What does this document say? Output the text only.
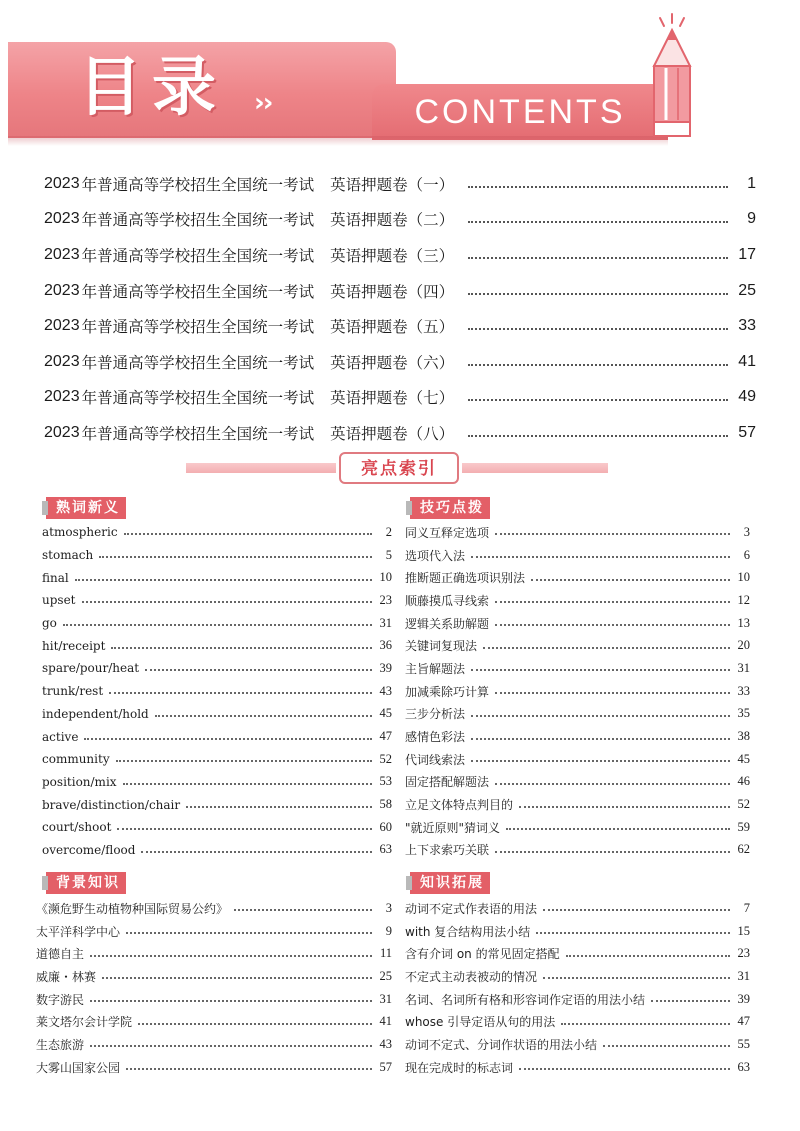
目录 ››	CONTENTS
2023 年普通高等学校招生全国统一考试 英语押题卷（一）	1
2023 年普通高等学校招生全国统一考试 英语押题卷（二）	9
2023 年普通高等学校招生全国统一考试 英语押题卷（三）	17
2023 年普通高等学校招生全国统一考试 英语押题卷（四）	25
2023 年普通高等学校招生全国统一考试 英语押题卷（五）	33
2023 年普通高等学校招生全国统一考试 英语押题卷（六）	41
2023 年普通高等学校招生全国统一考试 英语押题卷（七）	49
2023 年普通高等学校招生全国统一考试 英语押题卷（八）	57
亮点索引
熟词新义	技巧点拨
背景知识	知识拓展
atmospheric	2
stomach	5
final	10
upset	23
go	31
hit/receipt	36
spare/pour/heat	39
trunk/rest	43
independent/hold	45
active	47
community	52
position/mix	53
brave/distinction/chair	58
court/shoot	60
overcome/flood	63
同义互释定选项	3
选项代入法	6
推断题正确选项识别法	10
顺藤摸瓜寻线索	12
逻辑关系助解题	13
关键词复现法	20
主旨解题法	31
加减乘除巧计算	33
三步分析法	35
感情色彩法	38
代词线索法	45
固定搭配解题法	46
立足文体特点判目的	52
"就近原则"猜词义	59
上下求索巧关联	62
《濒危野生动植物种国际贸易公约》	3
太平洋科学中心	9
道德自主	11
威廉・林赛	25
数字游民	31
莱文塔尔会计学院	41
生态旅游	43
大雾山国家公园	57
动词不定式作表语的用法	7
with 复合结构用法小结	15
含有介词 on 的常见固定搭配	23
不定式主动表被动的情况	31
名词、名词所有格和形容词作定语的用法小结	39
whose 引导定语从句的用法	47
动词不定式、分词作状语的用法小结	55
现在完成时的标志词	63
